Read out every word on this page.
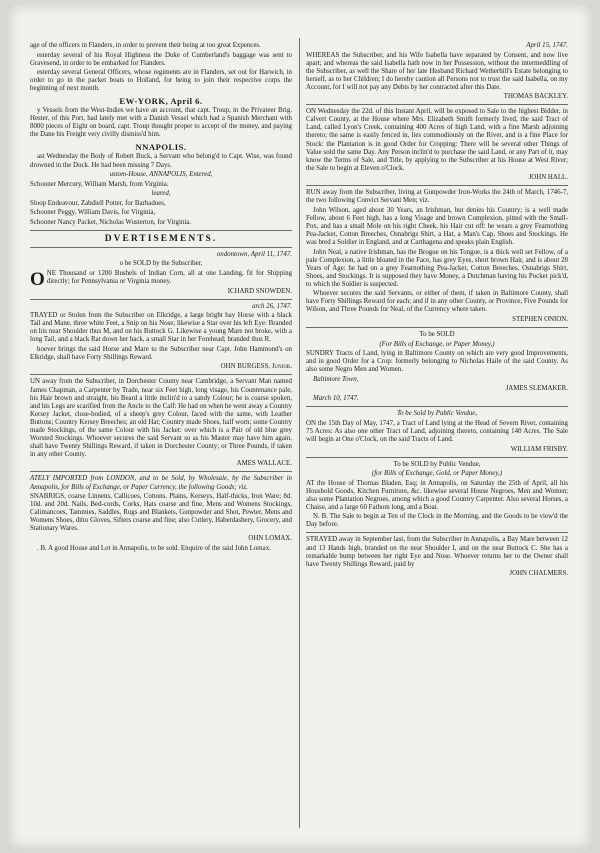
age of the officers in Flanders, in order to prevent their being at too great Expences.

esterday several of his Royal Highness the Duke of Cumberland's baggage was sent to Gravesend, in order to be embarked for Flanders.

esterday several General Officers, whose regiments are in Flanders, set out for Harwich, in order to go in the packet boats to Holland, for being to join their respective corps the beginning of next month.

EW-YORK, April 6.

y Vessels from the West-Indies we have an account, that capt. Troup, in the Privateer Brig. Hester, of this Port, had lately met with a Danish Vessel which had a Spanish Merchant with 8000 pieces of Eight on board, capt. Troup thought proper to accept of the money, and paying the Dane his Freight very civilly dismiss'd him.

NNAPOLIS.

ast Wednesday the Body of Robert Buck, a Servant who belong'd to Capt. Wise, was found drowned in the Dock. He had been missing 7 Days.

ustom-House, ANNAPOLIS, Entered,

Schooner Mercury, William Marsh, from Virginia.

leared,

Sloop Endeavour, Zabdiell Potter, for Barbadoes,

Schooner Peggy, William Davis, for Virginia,

Schooner Nancy Packet, Nicholas Wusterton, for Virginia.

DVERTISEMENTS.

ondontown, April 11, 1747.

o be SOLD by the Subscriber,

ONE Thousand or 1200 Bushels of Indian Corn, all at one Landing, fit for Shipping directly; for Pennsylvania or Virginia money.

ICHARD SNOWDEN.

arch 26, 1747.

TRAYED or Stolen from the Subscriber on Elkridge, a large bright bay Horse with a black Tail and Mane, three white Feet, a Snip on his Nose; likewise a Star over his left Eye: Branded on his near Shoulder thus M, and on his Buttock G. Likewise a young Mare not broke, with a long Tail, and a black Rat down her back, a small Star in her Forehead; branded thus R.

hoever brings the said Horse and Mare to the Subscriber near Capt. John Hammond's on Elkridge, shall have Forty Shillings Reward.

OHN BURGESS, Junior.

UN away from the Subscriber, in Dorchester County near Cambridge, a Servant Man named James Chapman, a Carpenter by Trade, near six Feet high, long visage, his Countenance pale, his Hair brown and straight, his Beard a little inclin'd to a sandy Colour; he is coarse spoken, and his Legs are scarified from the Ancle to the Calf: He had on when he went away a Country Kersey Jacket, close-bodied, of a sheep's grey Colour, faced with the same, with Leather Buttons; Country Kersey Breeches; an old Hat; Country made Shoes, half worn; some Country made Stockings, of the same Colour with his Jacket: over which is a Pair of old blue grey Worsted Stockings. Whoever secures the said Servant so as his Master may have him again, shall have Twenty Shillings Reward, if taken in Dorchester County; or Three Pounds, if taken in any other County.

AMES WALLACE.

ATELY IMPORTED from LONDON, and to be Sold, by Wholesale, by the Subscriber in Annapolis, for Bills of Exchange, or Paper Currency, the following Goods; viz.

SNABRIGS, coarse Linnens, Callicoes, Cottons, Plains, Kerseys, Half-thicks, Iron Ware; 8d. 10d. and 20d. Nails, Bed-cords, Corks, Hats coarse and fine, Mens and Womens Stockings, Calimancoes, Tammies, Saddles, Rugs and Blankets, Gunpowder and Shot, Pewter, Mens and Womens Shoes, ditto Gloves, Sifters coarse and fine; also Cutlery, Haberdashery, Grocery, and Stationary Wares.

OHN LOMAX.

. B. A good House and Lot in Annapolis, to be sold. Enquire of the said John Lomax.

April 15, 1747.

WHEREAS the Subscriber, and his Wife Isabella have separated by Consent, and now live apart; and whereas the said Isabella hath now in her Possession, without the intermeddling of the Subscriber, as well the Share of her late Husband Richard Wetherhill's Estate belonging to herself, as to her Children; I do hereby caution all Persons not to trust the said Isabella, on my Account, for I will not pay any Debts by her contracted after this Date.

THOMAS BACKLEY.

ON Wednesday the 22d. of this Instant April, will be exposed to Sale to the highest Bidder, in Calvert County, at the House where Mrs. Elizabeth Smith formerly lived, the said Tract of Land, called Lyon's Creek, containing 400 Acres of high Land, with a fine Marsh adjoining thereto; the same is easily fenced in, lies commodiously on the River, and is a fine Place for Stock: the Plantation is in good Order for Cropping: There will be several other Things of Value sold the same Day. Any Person inclin'd to purchase the said Land, or any Part of it, may know the Terms of Sale, and Title, by applying to the Subscriber at his House at West River; the Sale to begin at Eleven o'Clock.

JOHN HALL.

RUN away from the Subscriber, living at Gunpowder Iron-Works the 24th of March, 1746-7, the two following Convict Servant Men; viz.

John Wilson, aged about 30 Years, an Irishman, but denies his Country; is a well made Fellow, about 6 Feet high, has a long Visage and brown Complexion, pitted with the Small-Pox, and has a small Mole on his right Cheek, his Hair cut off: he wears a grey Fearnothing Pea-Jacket, Cotton Breeches, Osnabrigs Shirt, a Hat, a Man's Cap, Shoes and Stockings. He was bred a Soldier in England, and at Carthagena and speaks plain English.

John Neal, a native Irishman, has the Brogue on his Tongue, is a thick well set Fellow, of a pale Complexion, a little bloated in the Face, has grey Eyes, short brown Hair, and is about 28 Years of Age: he had on a grey Fearnothing Pea-Jacket, Cotton Breeches, Osnabrigs Shirt, Shoes, and Stockings. It is supposed they have Money, a Dutchman having his Pocket pick'd, to which the Soldier is suspected.

Whoever secures the said Servants, or either of them, if taken in Baltimore County, shall have Forty Shillings Reward for each; and if in any other County, or Province, Five Pounds for Wilson, and Three Pounds for Neal, of the Currency where taken.

STEPHEN ONION.

To be SOLD

(For Bills of Exchange, or Paper Money,)

SUNDRY Tracts of Land, lying in Baltimore County on which are very good Improvements, and in good Order for a Crop: formerly belonging to Nicholas Haile of the said County. As also some Negro Men and Women.

Baltimore Town,

JAMES SLEMAKER.

March 10, 1747.

To be Sold by Public Vendue,

ON the 15th Day of May, 1747, a Tract of Land lying at the Head of Severn River, containing 75 Acres: As also one other Tract of Land, adjoining thereto, containing 140 Acres. The Sale will begin at One o'Clock, on the said Tracts of Land.

WILLIAM FRISBY.

To be SOLD by Public Vendue,

(for Bills of Exchange, Gold, or Paper Money,)

AT the House of Thomas Bladen, Esq; in Annapolis, on Saturday the 25th of April, all his Houshold Goods, Kitchen Furniture, &c. likewise several House Negroes, Men and Women; also some Plantation Negroes, among which a good Country Carpenter. Also several Horses, a Chaise, and a large 60 Fathom long, and a Boat.

N. B. The Sale to begin at Ten of the Clock in the Morning, and the Goods to be view'd the Day before.

STRAYED away in September last, from the Subscriber in Annapolis, a Bay Mare between 12 and 13 Hands high, branded on the near Shoulder I, and on the near Buttock C. She has a remarkable bump between her right Eye and Nose. Whoever returns her to the Owner shall have Twenty Shillings Reward, paid by

JOHN CHALMERS.
